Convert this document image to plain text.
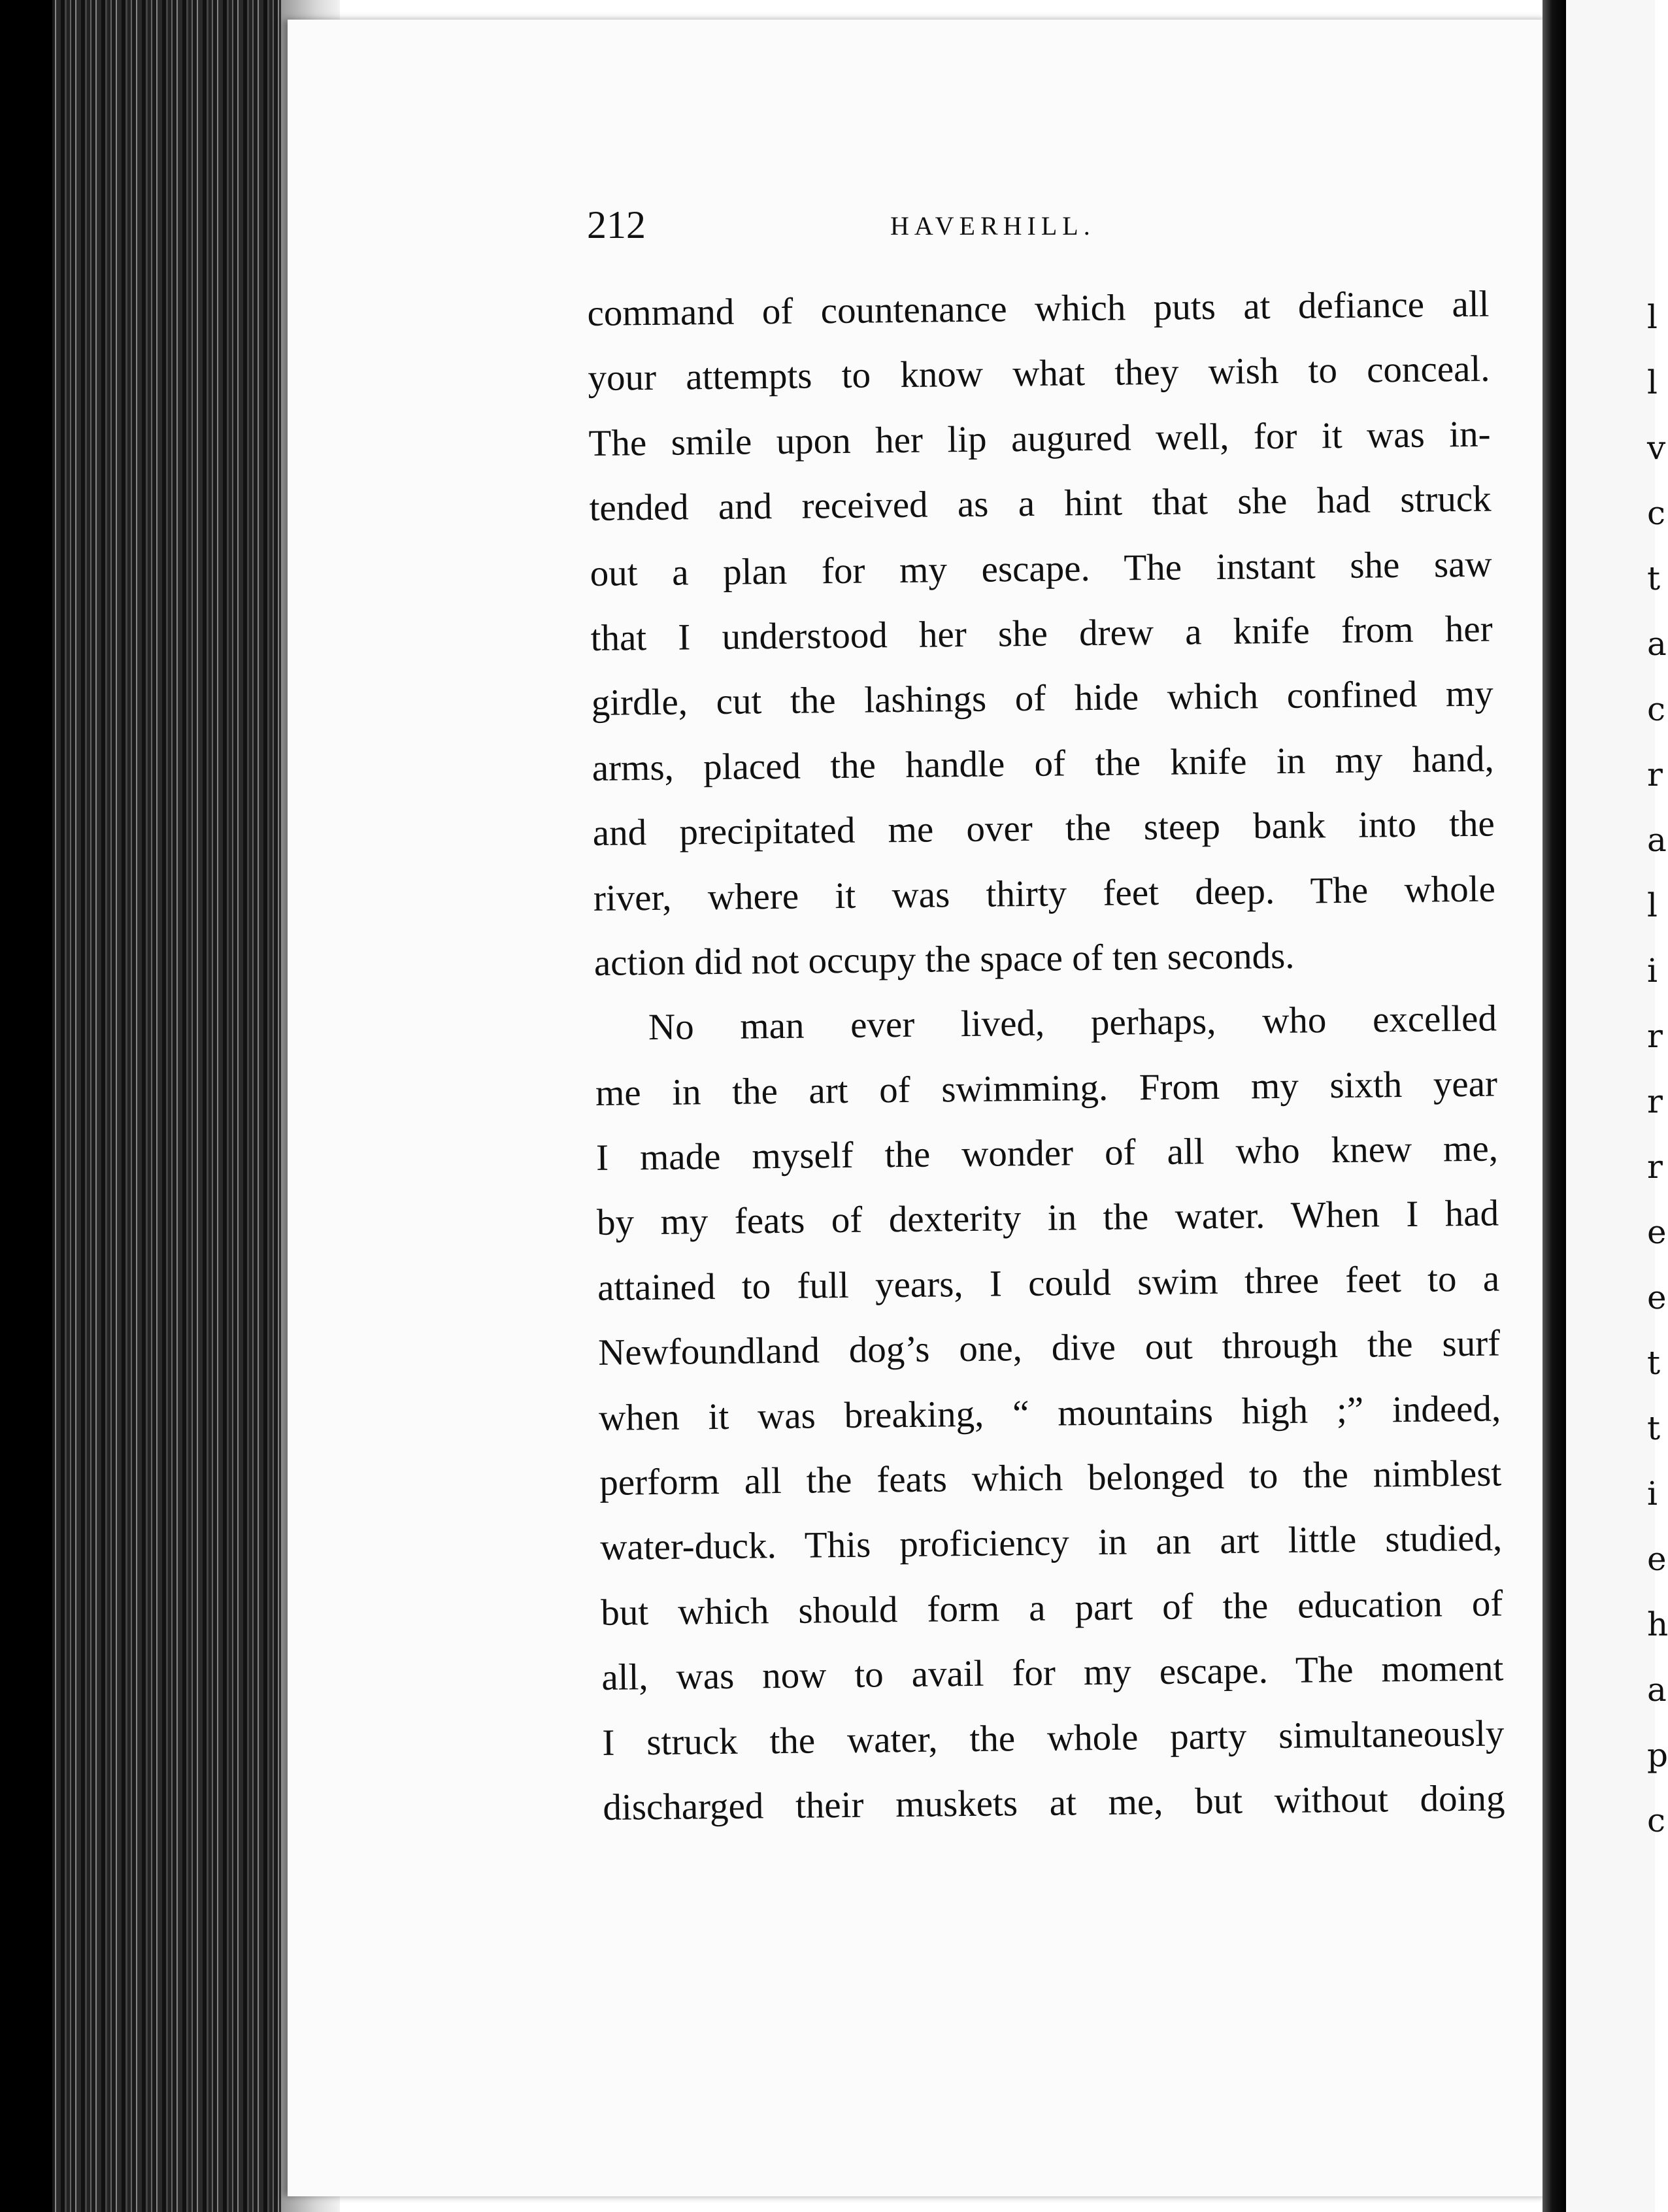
212	HAVERHILL.
command of countenance which puts at defiance all
your attempts to know what they wish to conceal.
The smile upon her lip augured well, for it was in-
tended and received as a hint that she had struck
out a plan for my escape. The instant she saw
that I understood her she drew a knife from her
girdle, cut the lashings of hide which confined my
arms, placed the handle of the knife in my hand,
and precipitated me over the steep bank into the
river, where it was thirty feet deep. The whole
action did not occupy the space of ten seconds.
No man ever lived, perhaps, who excelled
me in the art of swimming. From my sixth year
I made myself the wonder of all who knew me,
by my feats of dexterity in the water. When I had
attained to full years, I could swim three feet to a
Newfoundland dog’s one, dive out through the surf
when it was breaking, “ mountains high ;” indeed,
perform all the feats which belonged to the nimblest
water-duck. This proficiency in an art little studied,
but which should form a part of the education of
all, was now to avail for my escape. The moment
I struck the water, the whole party simultaneously
discharged their muskets at me, but without doing
l
l
v
c
t
a
c
r
a
l
i
r
r
r
e
e
t
t
i
e
h
a
p
c
